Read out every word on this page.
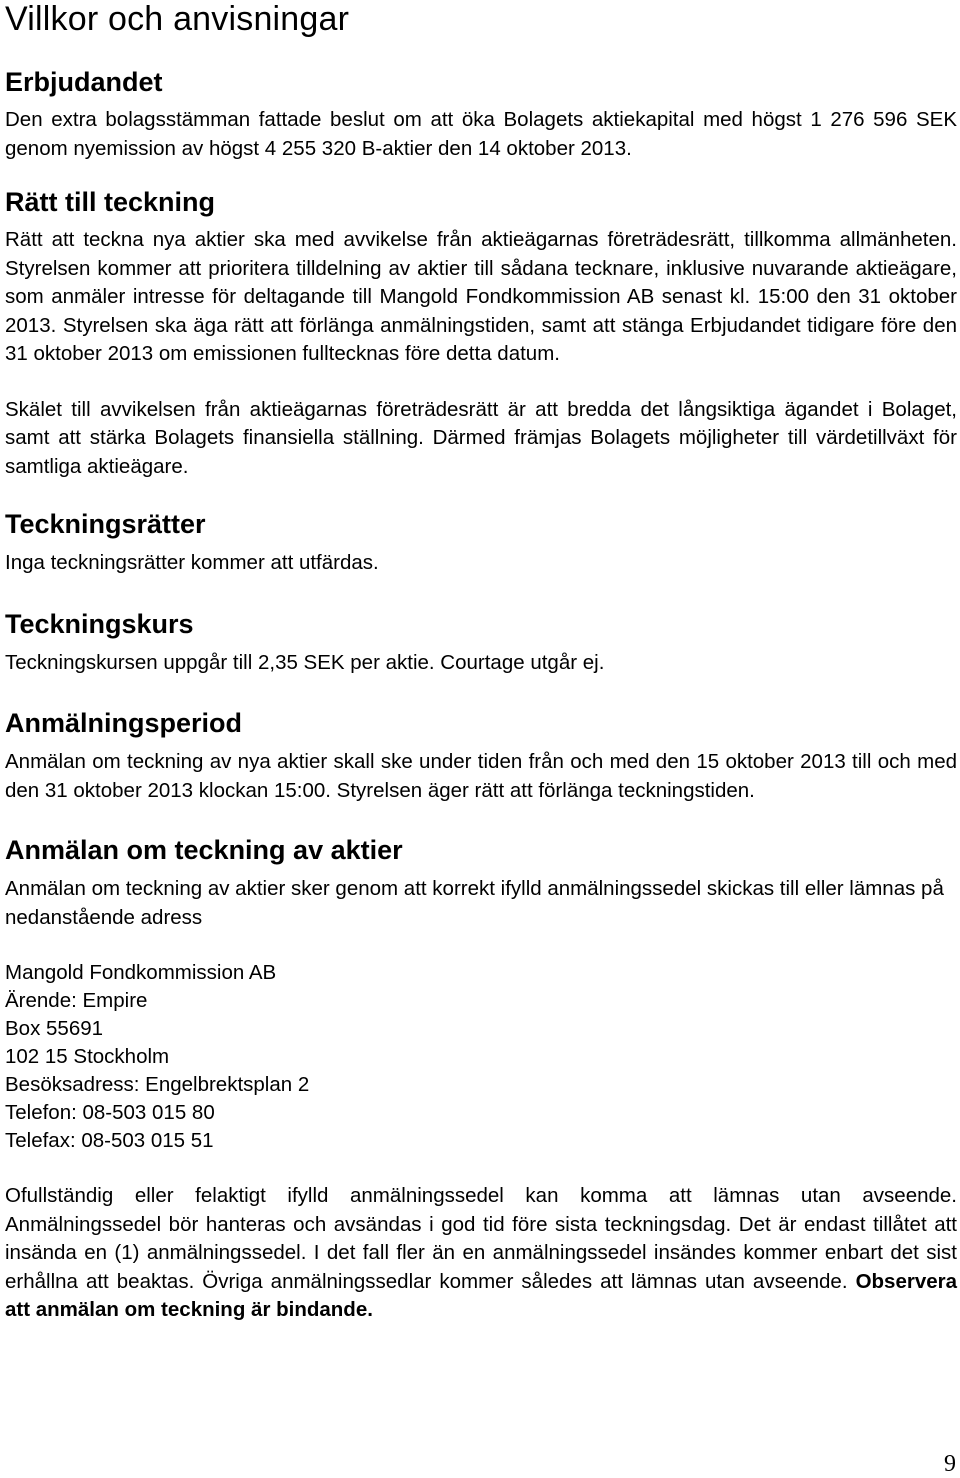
Villkor och anvisningar
Erbjudandet

Den extra bolagsstämman fattade beslut om att öka Bolagets aktiekapital med högst 1 276 596 SEK genom nyemission av högst 4 255 320 B-aktier den 14 oktober 2013.

Rätt till teckning

Rätt att teckna nya aktier ska med avvikelse från aktieägarnas företrädesrätt, tillkomma allmänheten. Styrelsen kommer att prioritera tilldelning av aktier till sådana tecknare, inklusive nuvarande aktieägare, som anmäler intresse för deltagande till Mangold Fondkommission AB senast kl. 15:00 den 31 oktober 2013. Styrelsen ska äga rätt att förlänga anmälningstiden, samt att stänga Erbjudandet tidigare före den 31 oktober 2013 om emissionen fulltecknas före detta datum.

Skälet till avvikelsen från aktieägarnas företrädesrätt är att bredda det långsiktiga ägandet i Bolaget, samt att stärka Bolagets finansiella ställning. Därmed främjas Bolagets möjligheter till värdetillväxt för samtliga aktieägare.

Teckningsrätter

Inga teckningsrätter kommer att utfärdas.

Teckningskurs

Teckningskursen uppgår till 2,35 SEK per aktie. Courtage utgår ej.

Anmälningsperiod

Anmälan om teckning av nya aktier skall ske under tiden från och med den 15 oktober 2013 till och med den 31 oktober 2013 klockan 15:00. Styrelsen äger rätt att förlänga teckningstiden.

Anmälan om teckning av aktier

Anmälan om teckning av aktier sker genom att korrekt ifylld anmälningssedel skickas till eller lämnas på nedanstående adress

Mangold Fondkommission AB
Ärende: Empire
Box 55691
102 15 Stockholm
Besöksadress: Engelbrektsplan 2
Telefon: 08-503 015 80
Telefax: 08-503 015 51

Ofullständig eller felaktigt ifylld anmälningssedel kan komma att lämnas utan avseende. Anmälningssedel bör hanteras och avsändas i god tid före sista teckningsdag. Det är endast tillåtet att insända en (1) anmälningssedel. I det fall fler än en anmälningssedel insändes kommer enbart det sist erhållna att beaktas. Övriga anmälningssedlar kommer således att lämnas utan avseende. Observera att anmälan om teckning är bindande.

9
